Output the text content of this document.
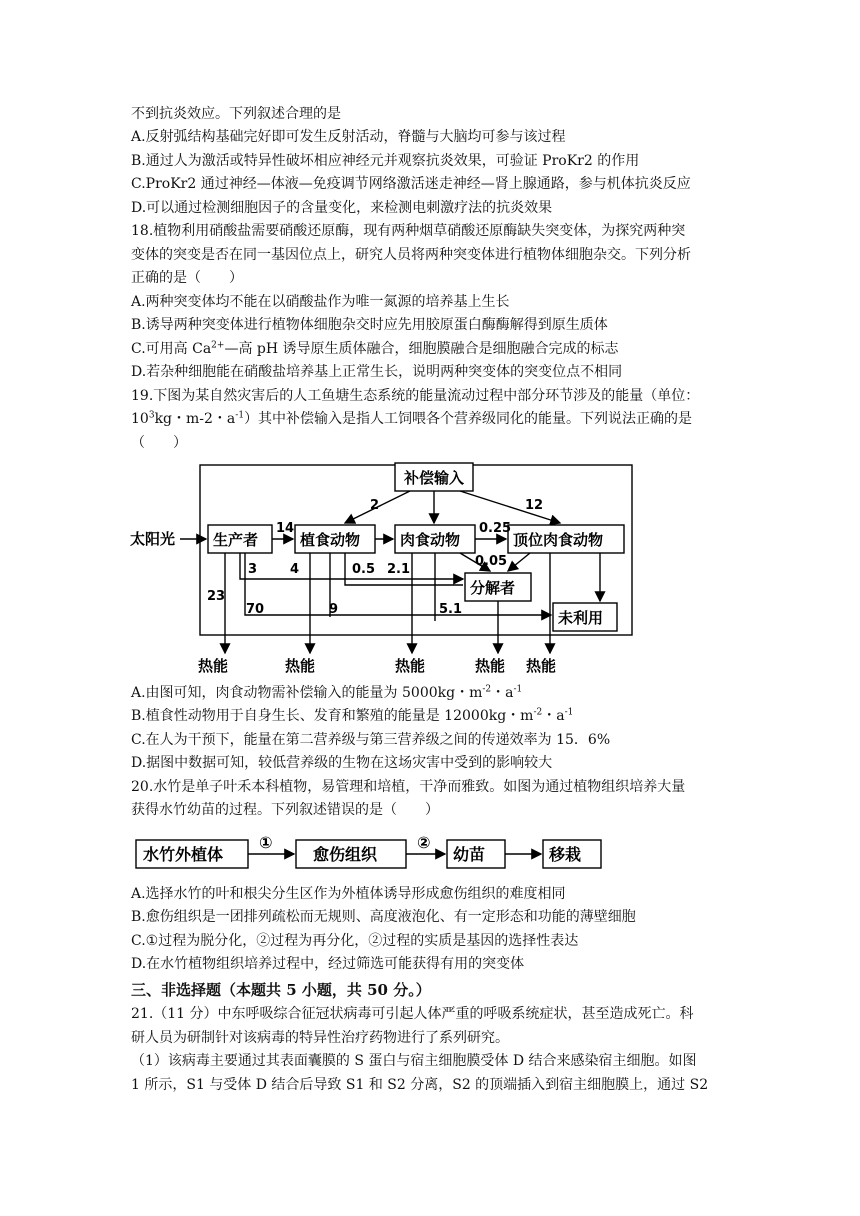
不到抗炎效应。下列叙述合理的是
A.反射弧结构基础完好即可发生反射活动，脊髓与大脑均可参与该过程
B.通过人为激活或特异性破坏相应神经元并观察抗炎效果，可验证 ProKr2 的作用
C.ProKr2 通过神经—体液—免疫调节网络激活迷走神经—肾上腺通路，参与机体抗炎反应
D.可以通过检测细胞因子的含量变化，来检测电刺激疗法的抗炎效果
18.植物利用硝酸盐需要硝酸还原酶，现有两种烟草硝酸还原酶缺失突变体，为探究两种突
变体的突变是否在同一基因位点上，研究人员将两种突变体进行植物体细胞杂交。下列分析
正确的是（　　）
A.两种突变体均不能在以硝酸盐作为唯一氮源的培养基上生长
B.诱导两种突变体进行植物体细胞杂交时应先用胶原蛋白酶酶解得到原生质体
C.可用高 $Ca^{2+}—$高 pH 诱导原生质体融合，细胞膜融合是细胞融合完成的标志
D.若杂种细胞能在硝酸盐培养基上正常生长，说明两种突变体的突变位点不相同
19.下图为某自然灾害后的人工鱼塘生态系统的能量流动过程中部分环节涉及的能量（单位：
$10^3kg$・m-2・$a^{-1}$）其中补偿输入是指人工饲喂各个营养级同化的能量。下列说法正确的是
（　　）
补偿输入
太阳光	生产者	植食动物	肉食动物	顶位肉食动物
分解者
未利用
热能	热能	热能	热能 热能
2	12
14	0.25
0.05
23
3
70
4	0.5
9
2.1
5.1
A.由图可知，肉食动物需补偿输入的能量为 5000kg・$m^{-2}$・$a^{-1}$
B.植食性动物用于自身生长、发育和繁殖的能量是 12000kg・$m^{-2}$・$a^{-1}$
C.在人为干预下，能量在第二营养级与第三营养级之间的传递效率为 15．6%
D.据图中数据可知，较低营养级的生物在这场灾害中受到的影响较大
20.水竹是单子叶禾本科植物，易管理和培植，干净而雅致。如图为通过植物组织培养大量
获得水竹幼苗的过程。下列叙述错误的是（　　）
水竹外植体	愈伤组织	幼苗	移栽
①	②
A.选择水竹的叶和根尖分生区作为外植体诱导形成愈伤组织的难度相同
B.愈伤组织是一团排列疏松而无规则、高度液泡化、有一定形态和功能的薄壁细胞
C.①过程为脱分化，②过程为再分化，②过程的实质是基因的选择性表达
D.在水竹植物组织培养过程中，经过筛选可能获得有用的突变体
三、非选择题（本题共 5 小题，共 50 分。）
21.（11 分）中东呼吸综合征冠状病毒可引起人体严重的呼吸系统症状，甚至造成死亡。科
研人员为研制针对该病毒的特异性治疗药物进行了系列研究。
（1）该病毒主要通过其表面囊膜的 S 蛋白与宿主细胞膜受体 D 结合来感染宿主细胞。如图
1 所示，S1 与受体 D 结合后导致 S1 和 S2 分离，S2 的顶端插入到宿主细胞膜上，通过 S2
